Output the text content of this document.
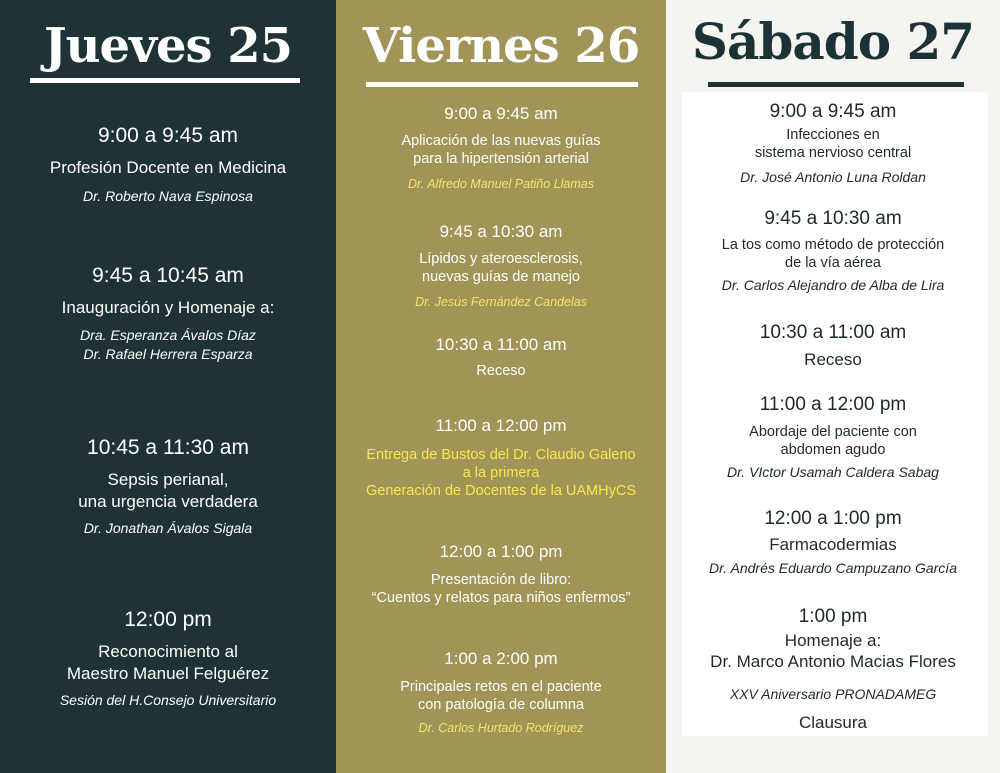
Jueves 25
9:00 a 9:45 am
Profesión Docente en Medicina
Dr. Roberto Nava Espinosa
9:45 a 10:45 am
Inauguración y Homenaje a:
Dra. Esperanza Ávalos Díaz
Dr. Rafael Herrera Esparza
10:45 a 11:30 am
Sepsis perianal,
una urgencia verdadera
Dr. Jonathan Ávalos Sigala
12:00 pm
Reconocimiento al
Maestro Manuel Felguérez
Sesión del H.Consejo Universitario
Viernes 26
9:00 a 9:45 am
Aplicación de las nuevas guías
para la hipertensión arterial
Dr. Alfredo Manuel Patiño Llamas
9:45 a 10:30 am
Lípidos y ateroesclerosis,
nuevas guías de manejo
Dr. Jesús Fernández Candelas
10:30 a 11:00 am
Receso
11:00 a 12:00 pm
Entrega de Bustos del Dr. Claudio Galeno
a la primera
Generación de Docentes de la UAMHyCS
12:00 a 1:00 pm
Presentación de libro:
“Cuentos y relatos para niños enfermos”
1:00 a 2:00 pm
Principales retos en el paciente
con patología de columna
Dr. Carlos Hurtado Rodríguez
Sábado 27
9:00 a 9:45 am
Infecciones en
sistema nervioso central
Dr. José Antonio Luna Roldan
9:45 a 10:30 am
La tos como método de protección
de la vía aérea
Dr. Carlos Alejandro de Alba de Lira
10:30 a 11:00 am
Receso
11:00 a 12:00 pm
Abordaje del paciente con
abdomen agudo
Dr. VIctor Usamah Caldera Sabag
12:00 a 1:00 pm
Farmacodermias
Dr. Andrés Eduardo Campuzano García
1:00 pm
Homenaje a:
Dr. Marco Antonio Macias Flores
XXV Aniversario PRONADAMEG
Clausura
